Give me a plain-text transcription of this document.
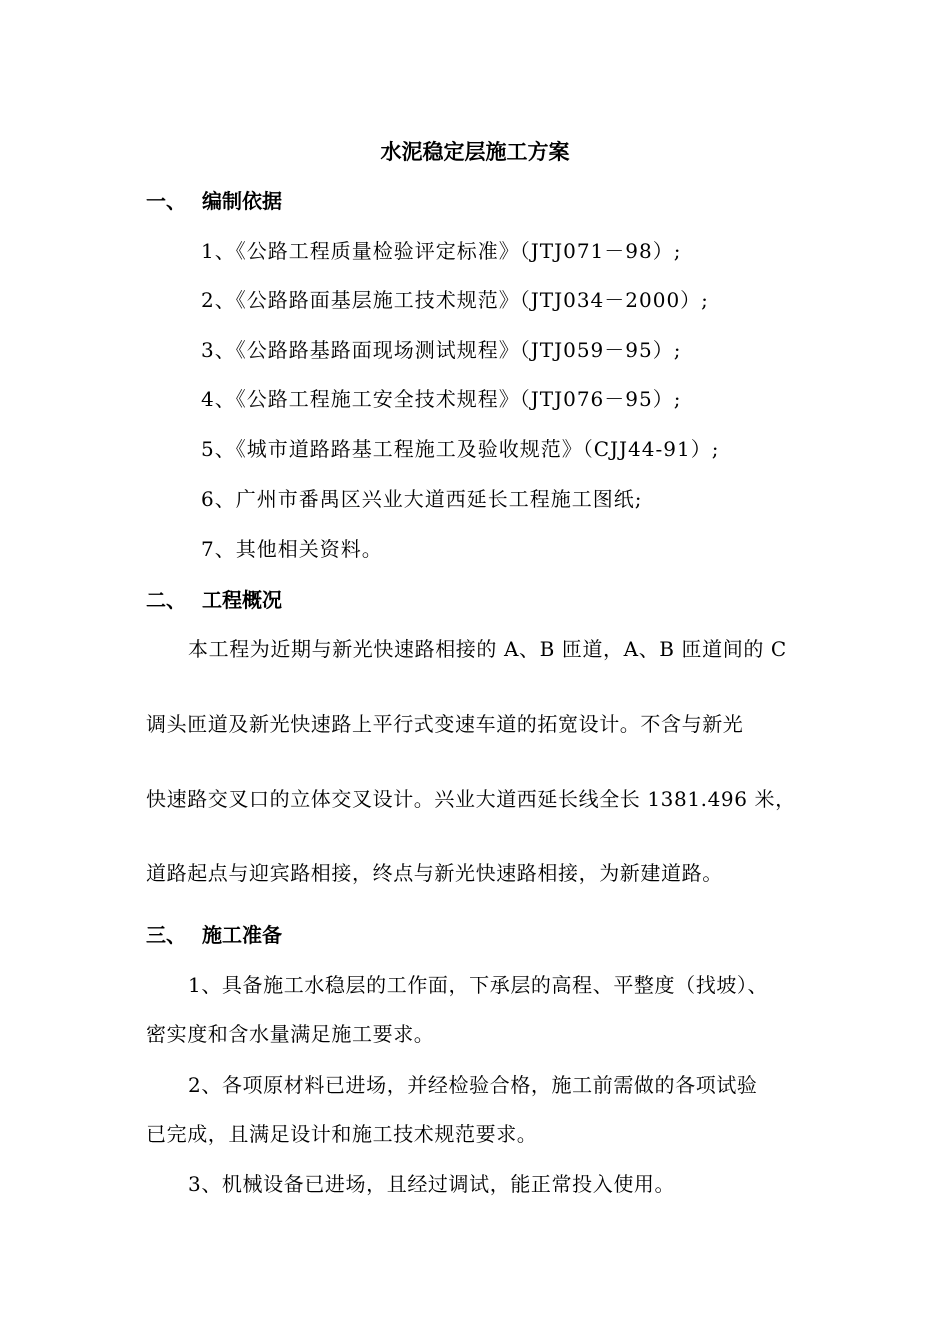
水泥稳定层施工方案
一、 编制依据
1、《公路工程质量检验评定标准》（JTJ071－98）;
2、《公路路面基层施工技术规范》（JTJ034－2000）;
3、《公路路基路面现场测试规程》（JTJ059－95）;
4、《公路工程施工安全技术规程》（JTJ076－95）;
5、《城市道路路基工程施工及验收规范》（CJJ44-91）;
6、广州市番禺区兴业大道西延长工程施工图纸;
7、其他相关资料。
二、 工程概况
本工程为近期与新光快速路相接的 A、B 匝道，A、B 匝道间的 C
调头匝道及新光快速路上平行式变速车道的拓宽设计。不含与新光
快速路交叉口的立体交叉设计。兴业大道西延长线全长 1381.496 米，
道路起点与迎宾路相接，终点与新光快速路相接，为新建道路。
三、 施工准备
1、具备施工水稳层的工作面，下承层的高程、平整度（找坡）、
密实度和含水量满足施工要求。
2、各项原材料已进场，并经检验合格，施工前需做的各项试验
已完成，且满足设计和施工技术规范要求。
3、机械设备已进场，且经过调试，能正常投入使用。
